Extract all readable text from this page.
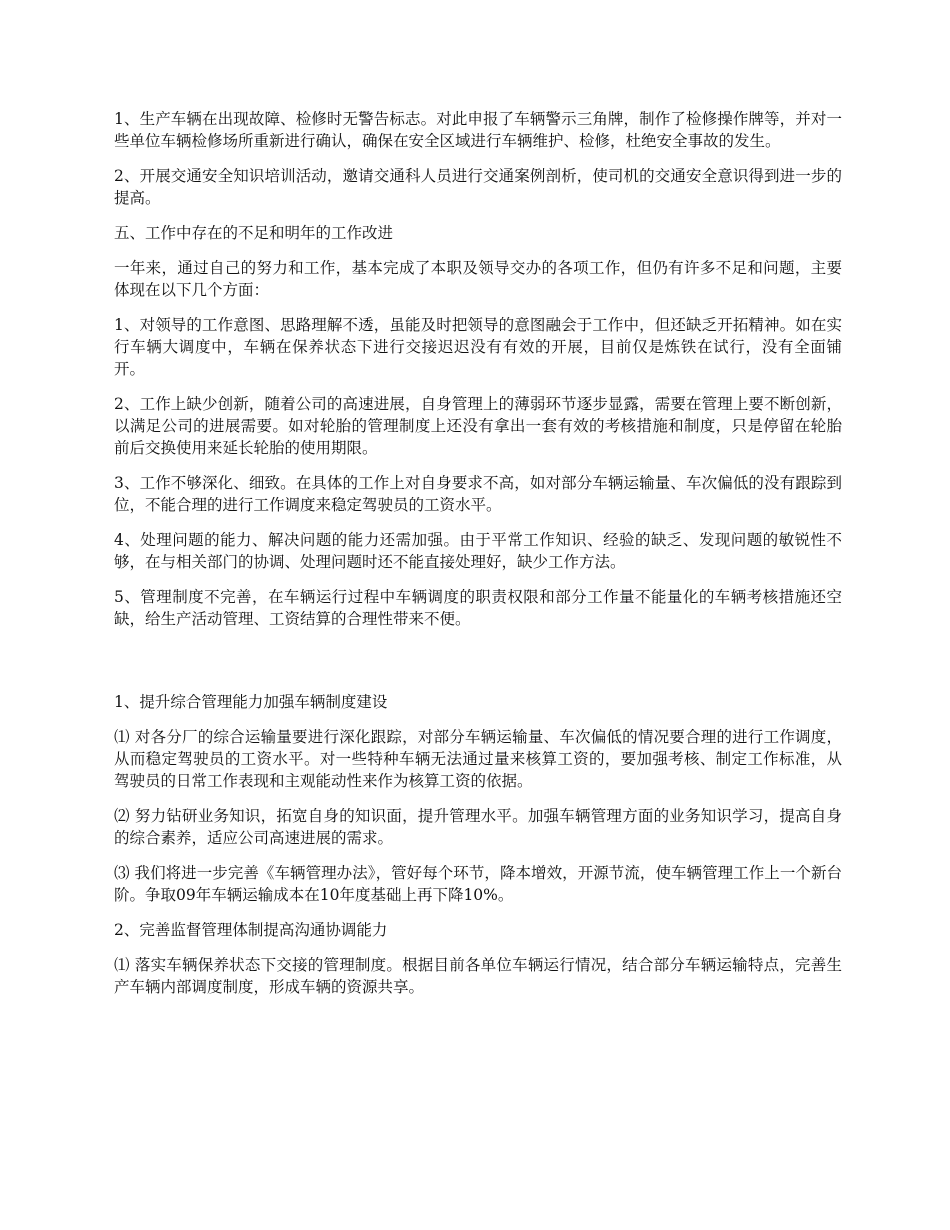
1、生产车辆在出现故障、检修时无警告标志。对此申报了车辆警示三角牌，制作了检修操作牌等，并对一些单位车辆检修场所重新进行确认，确保在安全区域进行车辆维护、检修，杜绝安全事故的发生。

2、开展交通安全知识培训活动，邀请交通科人员进行交通案例剖析，使司机的交通安全意识得到进一步的提高。

五、工作中存在的不足和明年的工作改进

一年来，通过自己的努力和工作，基本完成了本职及领导交办的各项工作，但仍有许多不足和问题，主要体现在以下几个方面：

1、对领导的工作意图、思路理解不透，虽能及时把领导的意图融会于工作中，但还缺乏开拓精神。如在实行车辆大调度中，车辆在保养状态下进行交接迟迟没有有效的开展，目前仅是炼铁在试行，没有全面铺开。

2、工作上缺少创新，随着公司的高速进展，自身管理上的薄弱环节逐步显露，需要在管理上要不断创新，以满足公司的进展需要。如对轮胎的管理制度上还没有拿出一套有效的考核措施和制度，只是停留在轮胎前后交换使用来延长轮胎的使用期限。

3、工作不够深化、细致。在具体的工作上对自身要求不高，如对部分车辆运输量、车次偏低的没有跟踪到位，不能合理的进行工作调度来稳定驾驶员的工资水平。

4、处理问题的能力、解决问题的能力还需加强。由于平常工作知识、经验的缺乏、发现问题的敏锐性不够，在与相关部门的协调、处理问题时还不能直接处理好，缺少工作方法。

5、管理制度不完善，在车辆运行过程中车辆调度的职责权限和部分工作量不能量化的车辆考核措施还空缺，给生产活动管理、工资结算的合理性带来不便。

1、提升综合管理能力加强车辆制度建设

⑴ 对各分厂的综合运输量要进行深化跟踪，对部分车辆运输量、车次偏低的情况要合理的进行工作调度，从而稳定驾驶员的工资水平。对一些特种车辆无法通过量来核算工资的，要加强考核、制定工作标准，从驾驶员的日常工作表现和主观能动性来作为核算工资的依据。

⑵ 努力钻研业务知识，拓宽自身的知识面，提升管理水平。加强车辆管理方面的业务知识学习，提高自身的综合素养，适应公司高速进展的需求。

⑶ 我们将进一步完善《车辆管理办法》，管好每个环节，降本增效，开源节流，使车辆管理工作上一个新台阶。争取09年车辆运输成本在10年度基础上再下降10%。

2、完善监督管理体制提高沟通协调能力

⑴ 落实车辆保养状态下交接的管理制度。根据目前各单位车辆运行情况，结合部分车辆运输特点，完善生产车辆内部调度制度，形成车辆的资源共享。
